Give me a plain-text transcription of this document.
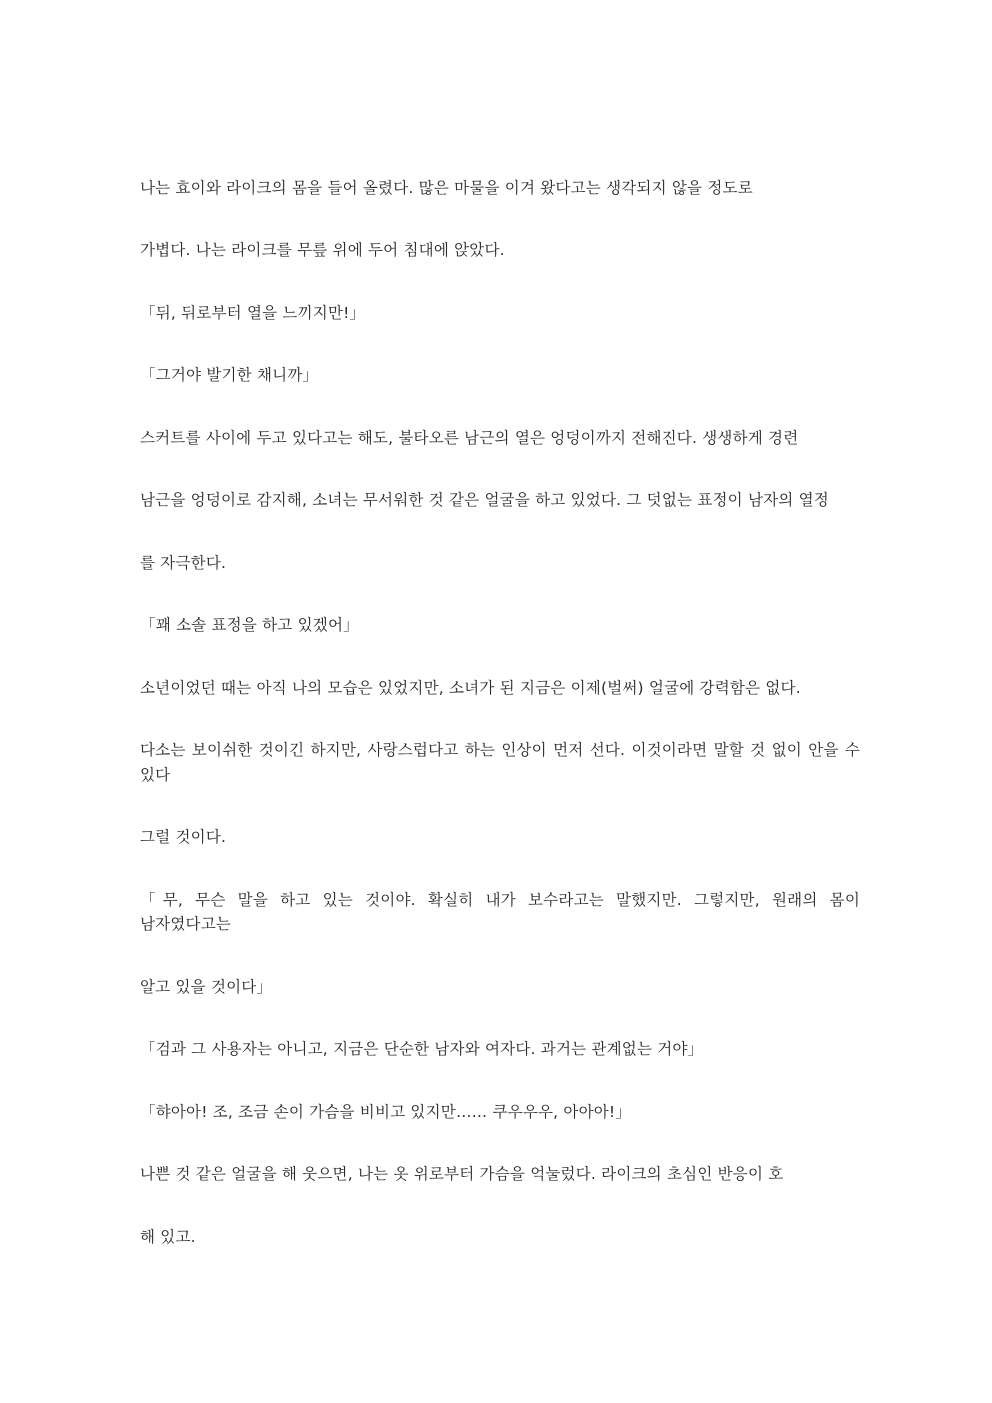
나는 효이와 라이크의 몸을 들어 올렸다. 많은 마물을 이겨 왔다고는 생각되지 않을 정도로

가볍다. 나는 라이크를 무릎 위에 두어 침대에 앉았다.

「뒤, 뒤로부터 열을 느끼지만!」

「그거야 발기한 채니까」

스커트를 사이에 두고 있다고는 해도, 불타오른 남근의 열은 엉덩이까지 전해진다. 생생하게 경련

남근을 엉덩이로 감지해, 소녀는 무서워한 것 같은 얼굴을 하고 있었다. 그 덧없는 표정이 남자의 열정

를 자극한다.

「꽤 소솔 표정을 하고 있겠어」

소년이었던 때는 아직 나의 모습은 있었지만, 소녀가 된 지금은 이제(벌써) 얼굴에 강력함은 없다.

다소는 보이쉬한 것이긴 하지만, 사랑스럽다고 하는 인상이 먼저 선다. 이것이라면 말할 것 없이 안을 수 있다

그럴 것이다.

「무, 무슨 말을 하고 있는 것이야. 확실히 내가 보수라고는 말했지만. 그렇지만, 원래의 몸이 남자였다고는

알고 있을 것이다」

「검과 그 사용자는 아니고, 지금은 단순한 남자와 여자다. 과거는 관계없는 거야」

「햐아아! 조, 조금 손이 가슴을 비비고 있지만…… 쿠우우우, 아아아!」

나쁜 것 같은 얼굴을 해 웃으면, 나는 옷 위로부터 가슴을 억눌렀다. 라이크의 초심인 반응이 호

해 있고.
